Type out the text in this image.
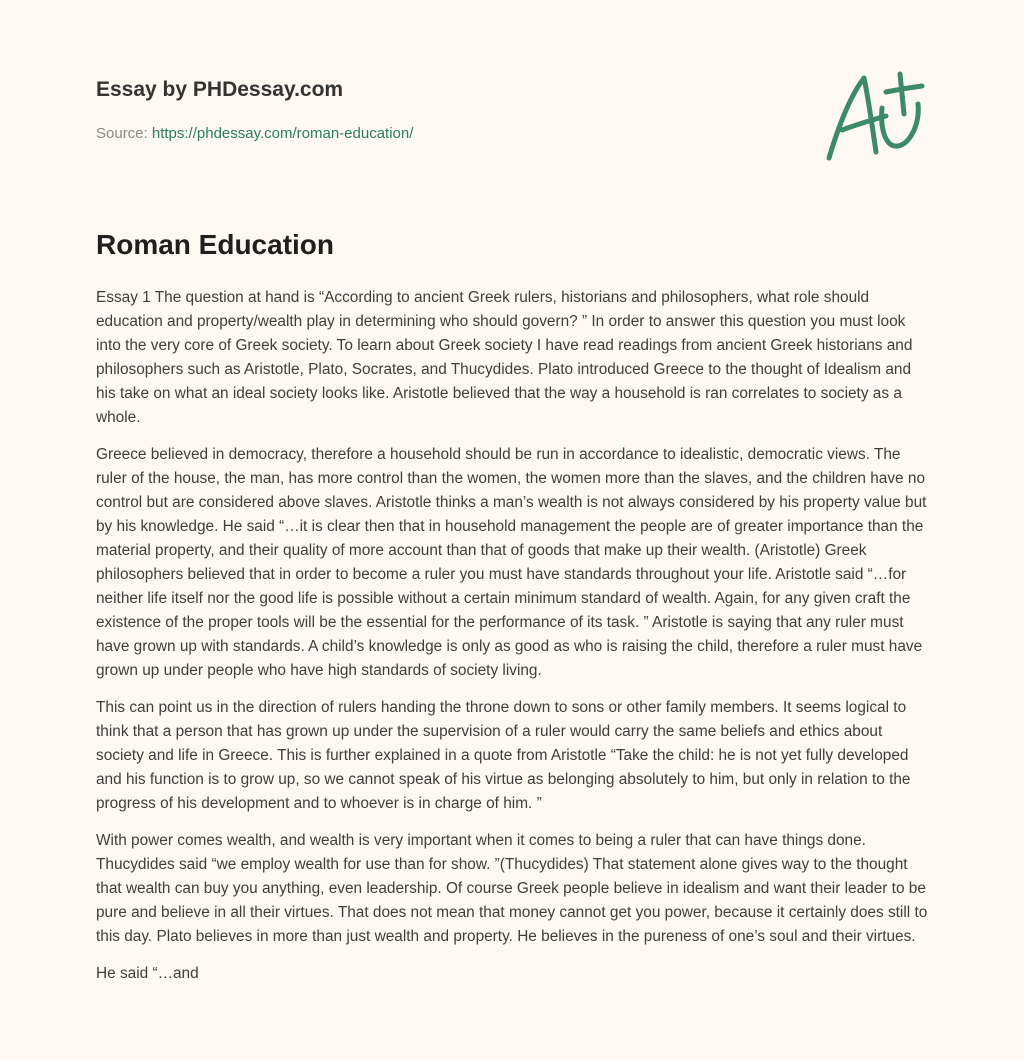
Essay by PHDessay.com
Source: https://phdessay.com/roman-education/
Roman Education

Essay 1 The question at hand is “According to ancient Greek rulers, historians and philosophers, what role should education and property/wealth play in determining who should govern? ” In order to answer this question you must look into the very core of Greek society. To learn about Greek society I have read readings from ancient Greek historians and philosophers such as Aristotle, Plato, Socrates, and Thucydides. Plato introduced Greece to the thought of Idealism and his take on what an ideal society looks like. Aristotle believed that the way a household is ran correlates to society as a whole.

Greece believed in democracy, therefore a household should be run in accordance to idealistic, democratic views. The ruler of the house, the man, has more control than the women, the women more than the slaves, and the children have no control but are considered above slaves. Aristotle thinks a man’s wealth is not always considered by his property value but by his knowledge. He said “…it is clear then that in household management the people are of greater importance than the material property, and their quality of more account than that of goods that make up their wealth. (Aristotle) Greek philosophers believed that in order to become a ruler you must have standards throughout your life. Aristotle said “…for neither life itself nor the good life is possible without a certain minimum standard of wealth. Again, for any given craft the existence of the proper tools will be the essential for the performance of its task. ” Aristotle is saying that any ruler must have grown up with standards. A child’s knowledge is only as good as who is raising the child, therefore a ruler must have grown up under people who have high standards of society living.

This can point us in the direction of rulers handing the throne down to sons or other family members. It seems logical to think that a person that has grown up under the supervision of a ruler would carry the same beliefs and ethics about society and life in Greece. This is further explained in a quote from Aristotle “Take the child: he is not yet fully developed and his function is to grow up, so we cannot speak of his virtue as belonging absolutely to him, but only in relation to the progress of his development and to whoever is in charge of him. ”

With power comes wealth, and wealth is very important when it comes to being a ruler that can have things done. Thucydides said “we employ wealth for use than for show. ”(Thucydides) That statement alone gives way to the thought that wealth can buy you anything, even leadership. Of course Greek people believe in idealism and want their leader to be pure and believe in all their virtues. That does not mean that money cannot get you power, because it certainly does still to this day. Plato believes in more than just wealth and property. He believes in the pureness of one’s soul and their virtues.

He said “…and
